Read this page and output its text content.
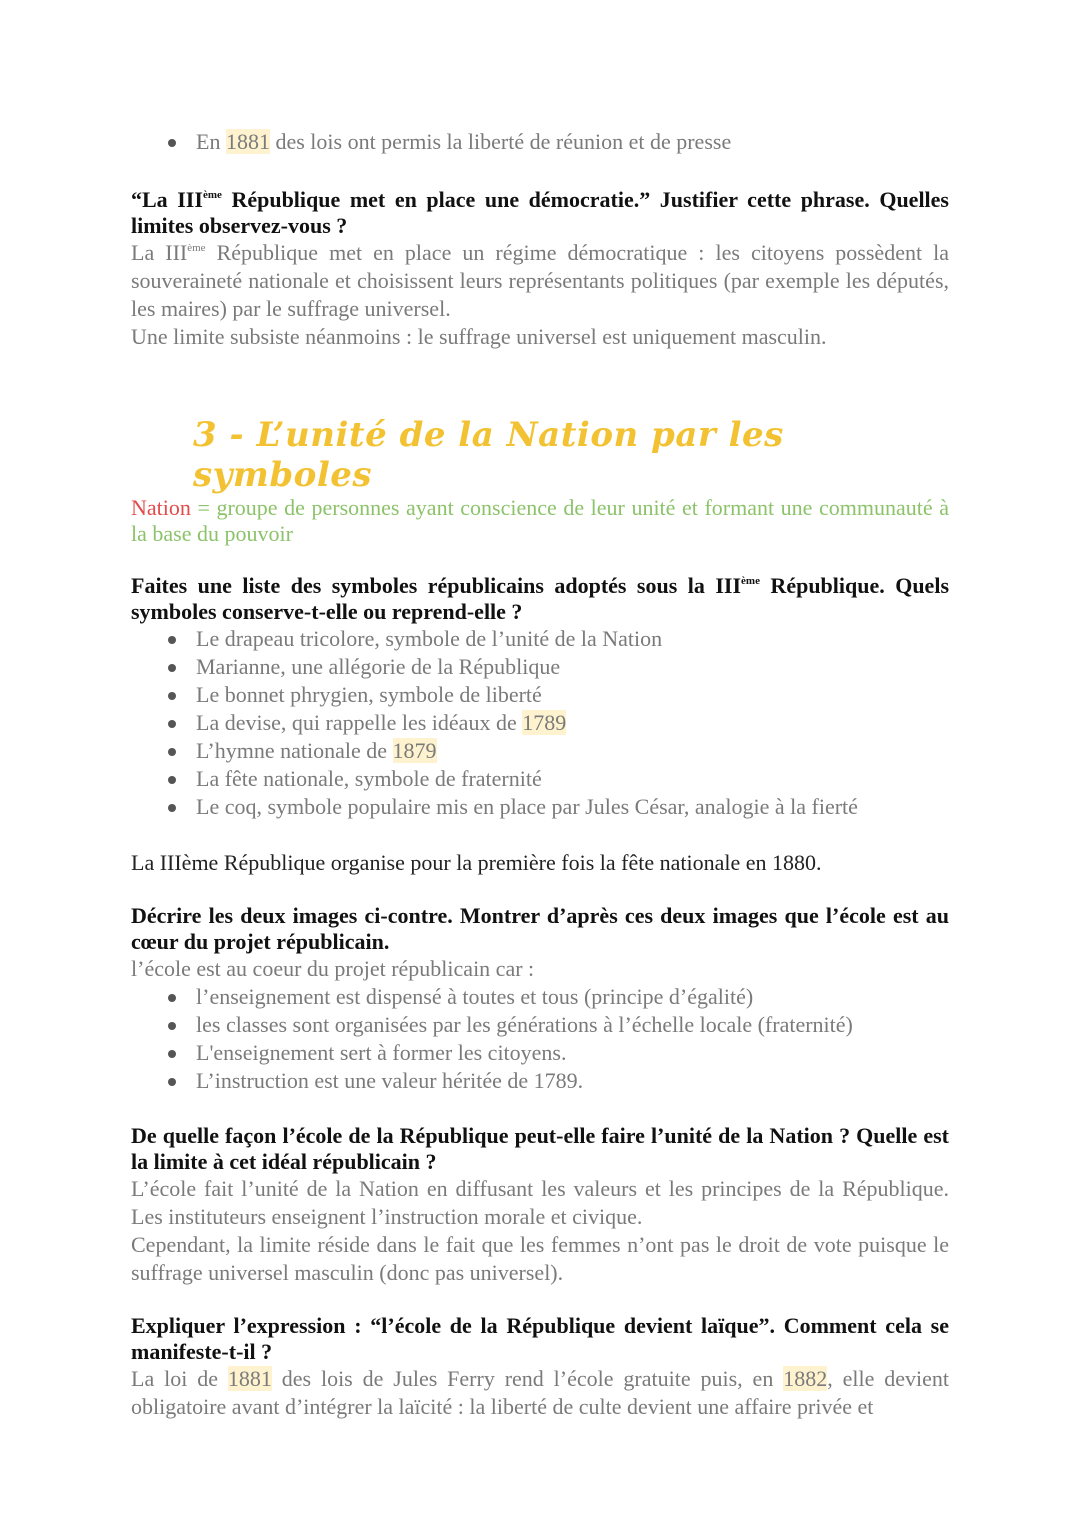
En 1881 des lois ont permis la liberté de réunion et de presse

“La IIIème République met en place une démocratie.” Justifier cette phrase. Quelles limites observez-vous ?

La IIIème République met en place un régime démocratique : les citoyens possèdent la souveraineté nationale et choisissent leurs représentants politiques (par exemple les députés, les maires) par le suffrage universel.

Une limite subsiste néanmoins : le suffrage universel est uniquement masculin.

3 - L’unité de la Nation par les symboles

Nation = groupe de personnes ayant conscience de leur unité et formant une communauté à la base du pouvoir

Faites une liste des symboles républicains adoptés sous la IIIème République. Quels symboles conserve-t-elle ou reprend-elle ?

Le drapeau tricolore, symbole de l’unité de la Nation
Marianne, une allégorie de la République
Le bonnet phrygien, symbole de liberté
La devise, qui rappelle les idéaux de 1789
L’hymne nationale de 1879
La fête nationale, symbole de fraternité
Le coq, symbole populaire mis en place par Jules César, analogie à la fierté

La IIIème République organise pour la première fois la fête nationale en 1880.

Décrire les deux images ci-contre. Montrer d’après ces deux images que l’école est au cœur du projet républicain.

l’école est au coeur du projet républicain car :

l’enseignement est dispensé à toutes et tous (principe d’égalité)
les classes sont organisées par les générations à l’échelle locale (fraternité)
L'enseignement sert à former les citoyens.
L’instruction est une valeur héritée de 1789.

De quelle façon l’école de la République peut-elle faire l’unité de la Nation ? Quelle est la limite à cet idéal républicain ?

L’école fait l’unité de la Nation en diffusant les valeurs et les principes de la République. Les instituteurs enseignent l’instruction morale et civique.

Cependant, la limite réside dans le fait que les femmes n’ont pas le droit de vote puisque le suffrage universel masculin (donc pas universel).

Expliquer l’expression : “l’école de la République devient laïque”. Comment cela se manifeste-t-il ?

La loi de 1881 des lois de Jules Ferry rend l’école gratuite puis, en 1882, elle devient obligatoire avant d’intégrer la laïcité : la liberté de culte devient une affaire privée et
